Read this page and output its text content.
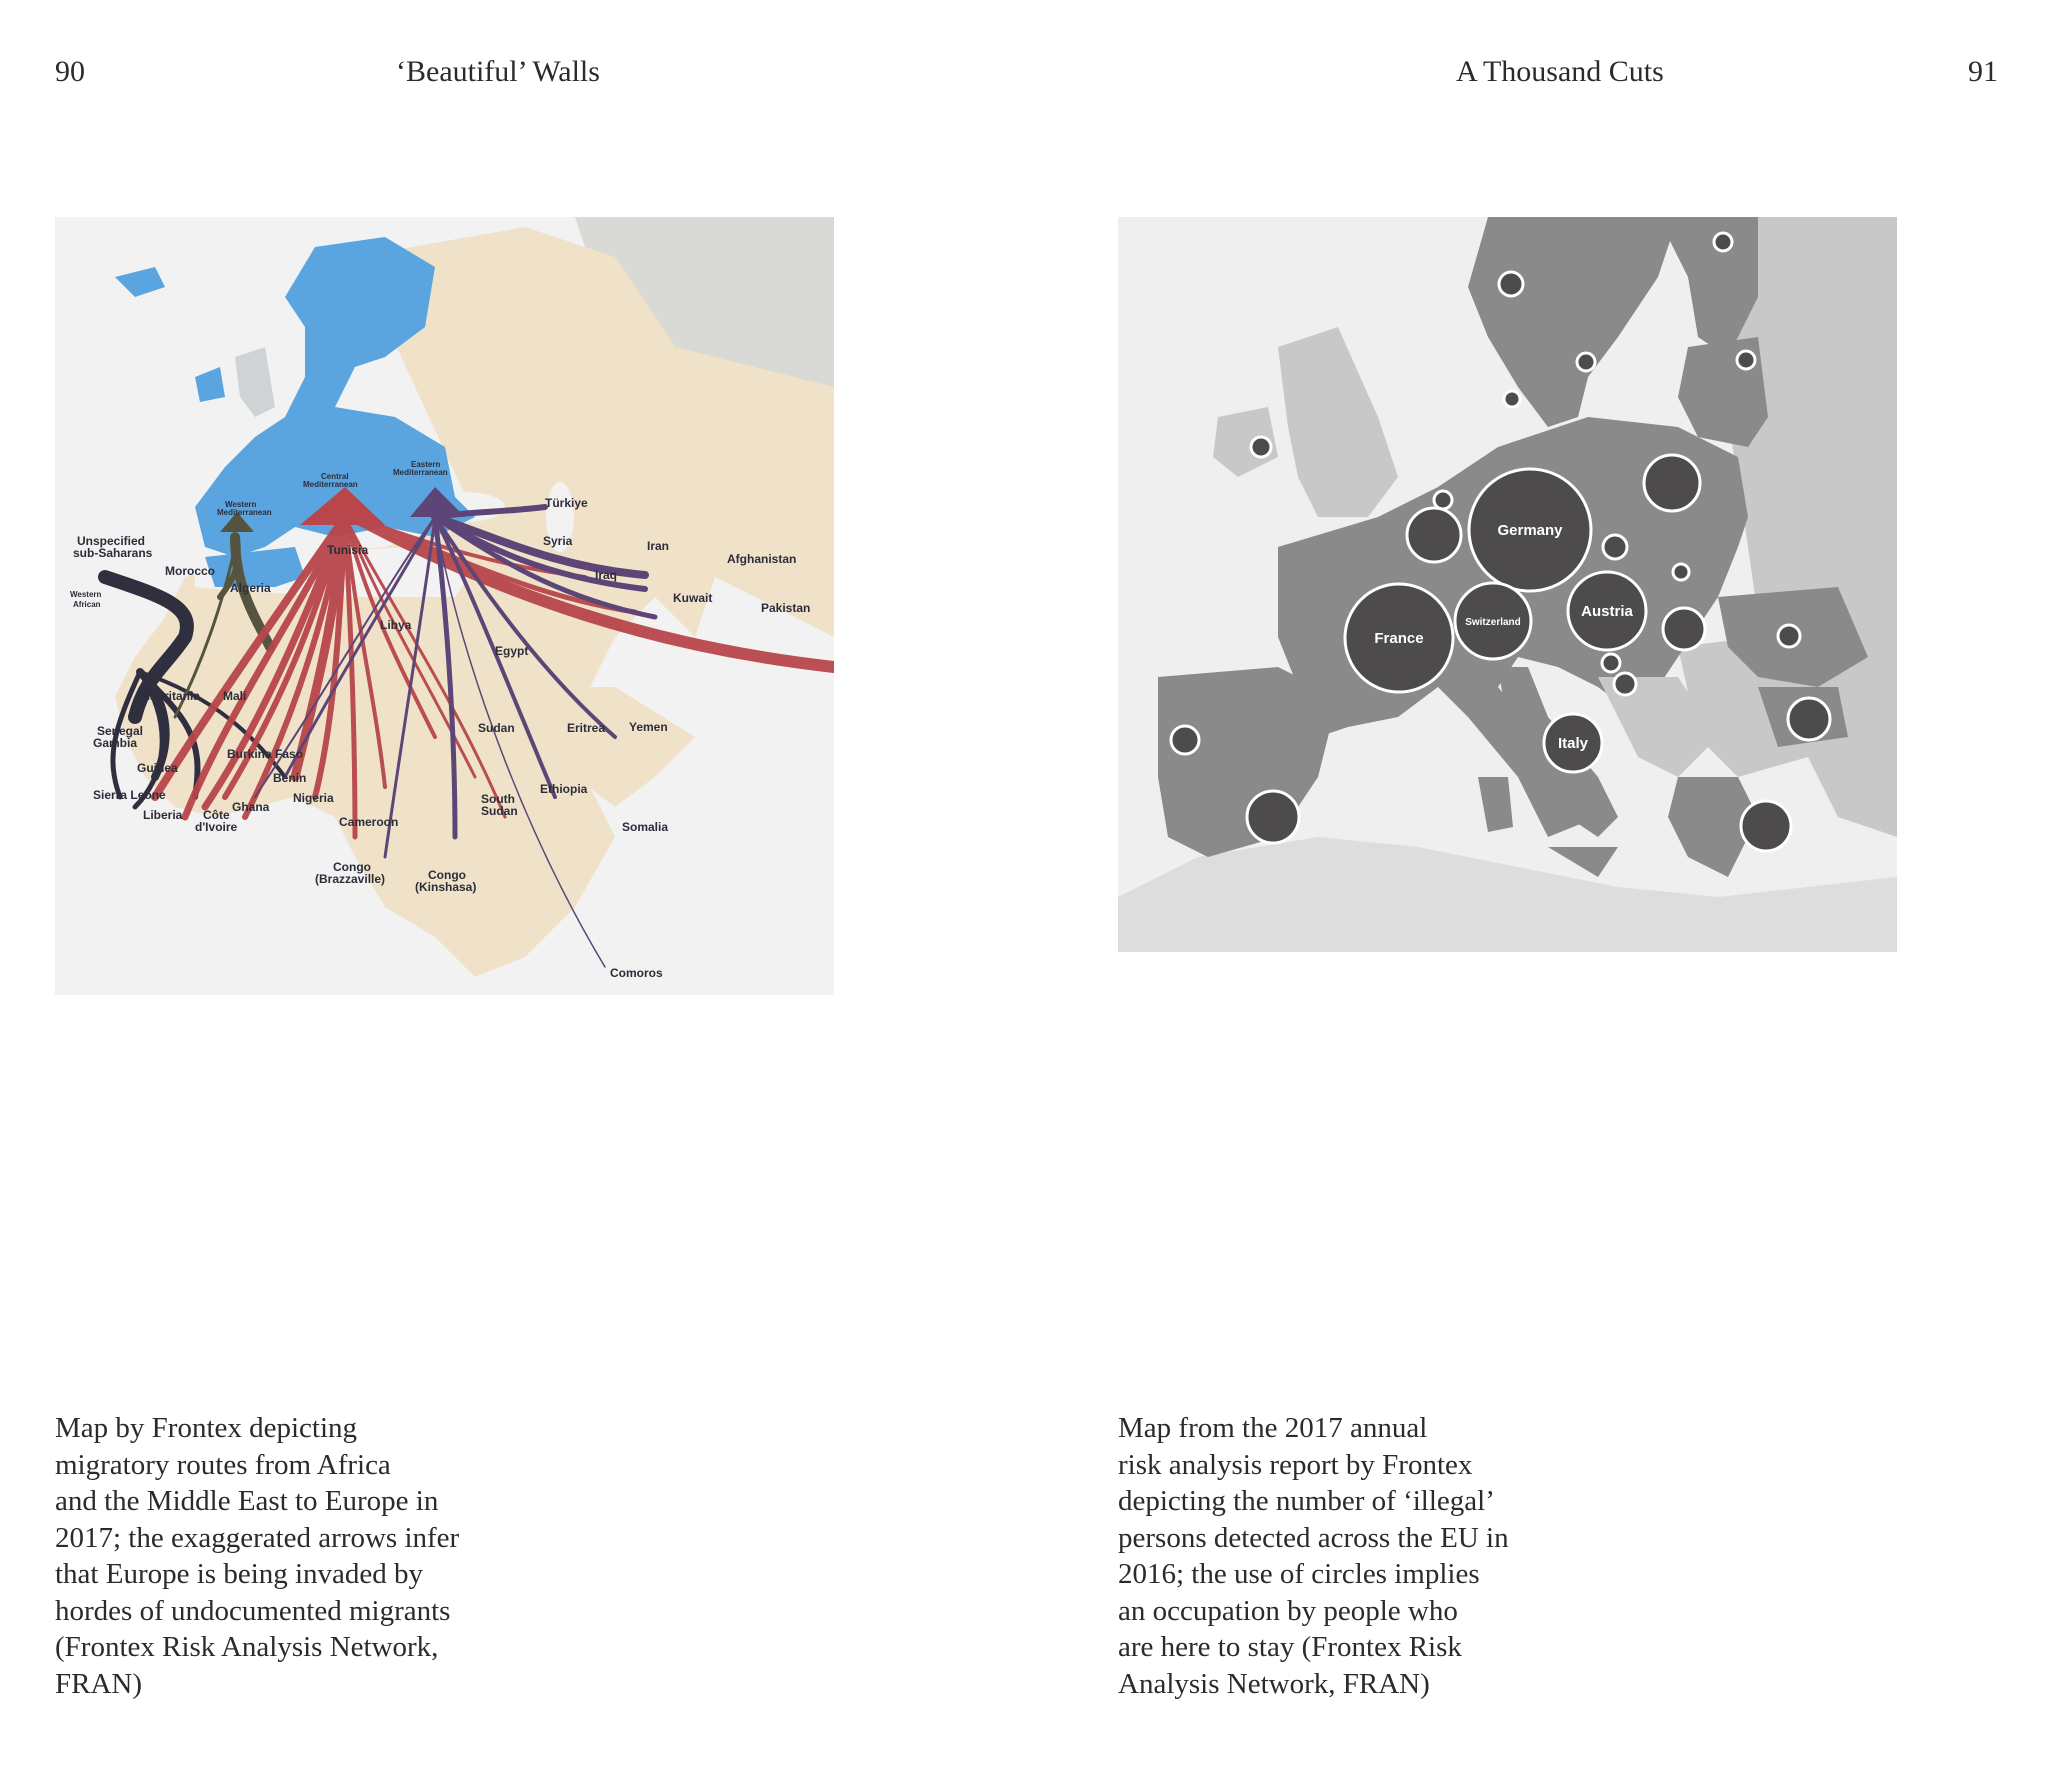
90	‘Beautiful’ Walls	A Thousand Cuts	91
Unspecified
sub-Saharans
Western
African
Western
Mediterranean
Central
Mediterranean
Eastern
Mediterranean
Türkiye
Morocco
Algeria
Tunisia
Syria	Iran
Iraq
Afghanistan
Kuwait
Pakistan
Libya
Egypt
Mauritania Mali
Senegal
Gambia
Guinea
Burkina Faso
Sierra Leone
Benin
Ghana
Nigeria
Liberia Côte
d'Ivoire	Cameroon
Sudan	Eritrea Yemen
Ethiopia
South
Sudan
Somalia
Congo
(Brazzaville)	Congo
(Kinshasa)
Comoros
Germany
France
Switzerland
Austria
Italy

Map by Frontex depicting
migratory routes from Africa
and the Middle East to Europe in
2017; the exaggerated arrows infer
that Europe is being invaded by
hordes of undocumented migrants
(Frontex Risk Analysis Network,
FRAN)

Map from the 2017 annual
risk analysis report by Frontex
depicting the number of ‘illegal’
persons detected across the EU in
2016; the use of circles implies
an occupation by people who
are here to stay (Frontex Risk
Analysis Network, FRAN)
